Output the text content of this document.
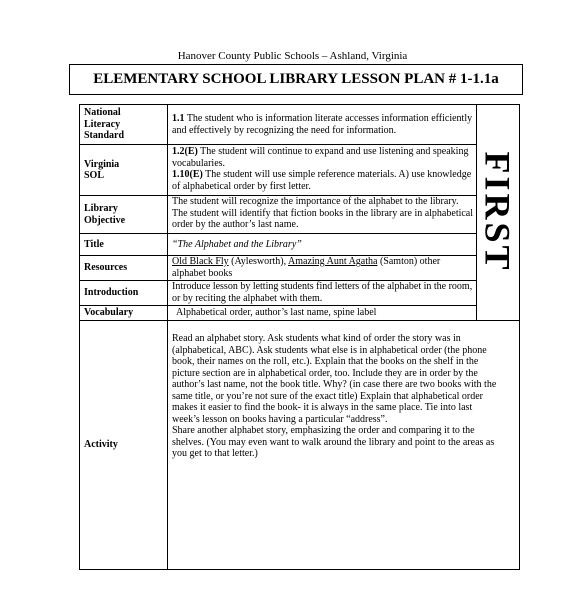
Hanover County Public Schools – Ashland, Virginia
ELEMENTARY SCHOOL LIBRARY LESSON PLAN # 1-1.1a
FIRST
National
Literacy
Standard
1.1 The student who is information literate accesses information efficiently and effectively by recognizing the need for information.
Virginia
SOL
1.2(E) The student will continue to expand and use listening and speaking vocabularies.
1.10(E) The student will use simple reference materials. A) use knowledge of alphabetical order by first letter.
Library
Objective
The student will recognize the importance of the alphabet to the library. The student will identify that fiction books in the library are in alphabetical order by the author’s last name.
Title	“The Alphabet and the Library”
Resources
Old Black Fly (Aylesworth), Amazing Aunt Agatha (Samton) other alphabet books
Introduction
Introduce lesson by letting students find letters of the alphabet in the room, or by reciting the alphabet with them.
Vocabulary	Alphabetical order, author’s last name, spine label
Activity
Read an alphabet story. Ask students what kind of order the story was in (alphabetical, ABC). Ask students what else is in alphabetical order (the phone book, their names on the roll, etc.). Explain that the books on the shelf in the picture section are in alphabetical order, too. Include they are in order by the author’s last name, not the book title. Why? (in case there are two books with the same title, or you’re not sure of the exact title) Explain that alphabetical order makes it easier to find the book- it is always in the same place. Tie into last week’s lesson on books having a particular “address”.
Share another alphabet story, emphasizing the order and comparing it to the shelves. (You may even want to walk around the library and point to the areas as you get to that letter.)
